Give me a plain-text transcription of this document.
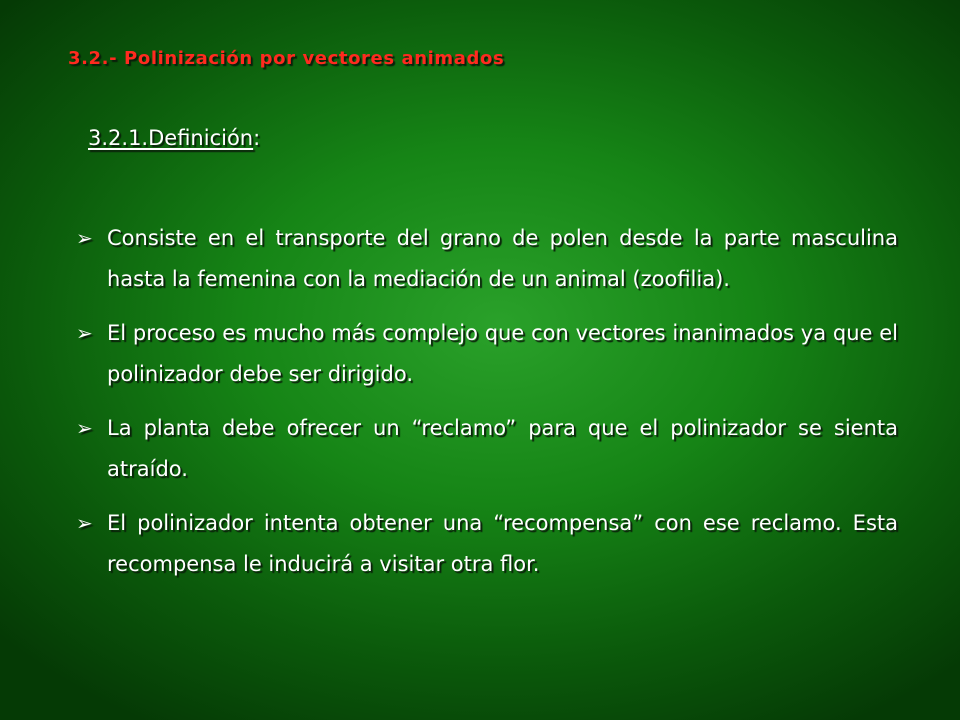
3.2.- Polinización por vectores animados
3.2.1.Definición:
➢ Consiste en el transporte del grano de polen desde la parte masculina hasta la femenina con la mediación de un animal (zoofilia).
➢ El proceso es mucho más complejo que con vectores inanimados ya que el polinizador debe ser dirigido.
➢ La planta debe ofrecer un “reclamo” para que el polinizador se sienta atraído.
➢ El polinizador intenta obtener una “recompensa” con ese reclamo. Esta recompensa le inducirá a visitar otra flor.
